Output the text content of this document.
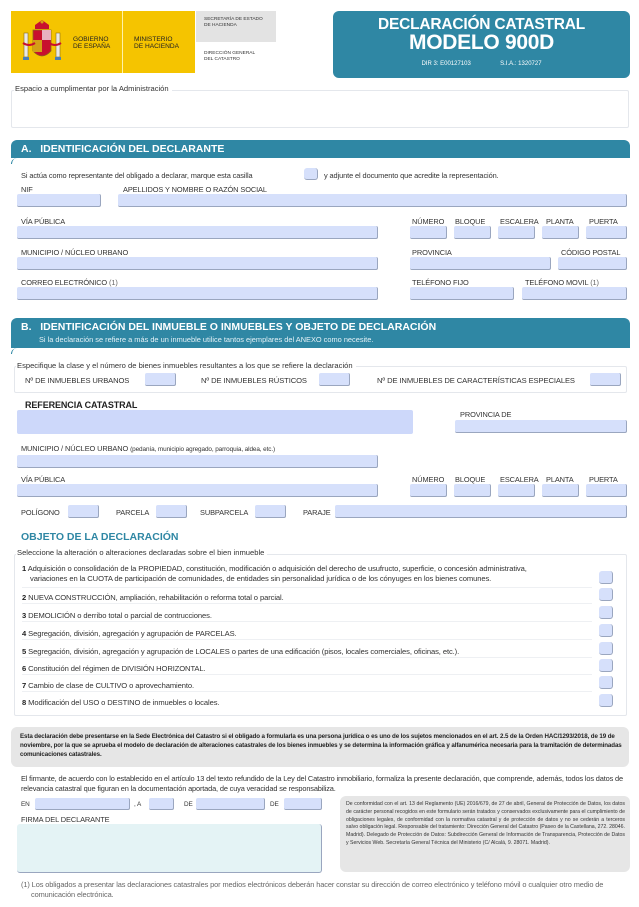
GOBIERNO
DE ESPAÑA
MINISTERIO
DE HACIENDA
SECRETARÍA DE ESTADO
DE HACIENDA
DIRECCIÓN GENERAL
DEL CATASTRO
DECLARACIÓN CATASTRAL
MODELO 900D
DIR 3: E00127103	S.I.A.: 1320727
Espacio a cumplimentar por la Administración
A.   IDENTIFICACIÓN DEL DECLARANTE
Si actúa como representante del obligado a declarar, marque esta casilla	y adjunte el documento que acredite la representación.
NIF	APELLIDOS Y NOMBRE O RAZÓN SOCIAL
VÍA PÚBLICA	NÚMERO BLOQUE ESCALERA PLANTA PUERTA
MUNICIPIO / NÚCLEO URBANO	PROVINCIA	CÓDIGO POSTAL
CORREO ELECTRÓNICO (1)	TELÉFONO FIJO	TELÉFONO MOVIL (1)
B.   IDENTIFICACIÓN DEL INMUEBLE O INMUEBLES Y OBJETO DE DECLARACIÓN
Si la declaración se refiere a más de un inmueble utilice tantos ejemplares del ANEXO como necesite.
Especifique la clase y el número de bienes inmuebles resultantes a los que se refiere la declaración
Nº DE INMUEBLES URBANOS	Nº DE INMUEBLES RÚSTICOS	Nº DE INMUEBLES DE CARACTERÍSTICAS ESPECIALES
REFERENCIA CATASTRAL
PROVINCIA DE
MUNICIPIO / NÚCLEO URBANO (pedanía, municipio agregado, parroquia, aldea, etc.)
VÍA PÚBLICA	NÚMERO BLOQUE ESCALERA PLANTA PUERTA
POLÍGONO	PARCELA	SUBPARCELA	PARAJE
OBJETO DE LA DECLARACIÓN
Seleccione la alteración o alteraciones declaradas sobre el bien inmueble
1 Adquisición o consolidación de la PROPIEDAD, constitución, modificación o adquisición del derecho de usufructo, superficie, o concesión administrativa,
variaciones en la CUOTA de participación de comunidades, de entidades sin personalidad jurídica o de los cónyuges en los bienes comunes.
2 NUEVA CONSTRUCCIÓN, ampliación, rehabilitación o reforma total o parcial.
3 DEMOLICIÓN o derribo total o parcial de contrucciones.
4 Segregación, división, agregación y agrupación de PARCELAS.
5 Segregación, división, agregación y agrupación de LOCALES o partes de una edificación (pisos, locales comerciales, oficinas, etc.).
6 Constitución del régimen de DIVISIÓN HORIZONTAL.
7 Cambio de clase de CULTIVO o aprovechamiento.
8 Modificación del USO o DESTINO de inmuebles o locales.
Esta declaración debe presentarse en la Sede Electrónica del Catastro si el obligado a formularla es una persona jurídica o es uno de los sujetos mencionados en el art. 2.5 de la Orden HAC/1293/2018, de 19 de noviembre, por la que se aprueba el modelo de declaración de alteraciones catastrales de los bienes inmuebles y se determina la información gráfica y alfanumérica necesaria para la tramitación de determinadas comunicaciones catastrales.
El firmante, de acuerdo con lo establecido en el artículo 13 del texto refundido de la Ley del Catastro inmobiliario, formaliza la presente declaración, que comprende, además, todos los datos de relevancia catastral que figuran en la documentación aportada, de cuya veracidad se responsabiliza.
EN	, A	DE	DE
FIRMA DEL DECLARANTE
De conformidad con el art. 13 del Reglamento (UE) 2016/679, de 27 de abril, General de Protección de Datos, los datos de carácter personal recogidos en este formulario serán tratados y conservados exclusivamente para el cumplimiento de obligaciones legales, de conformidad con la normativa catastral y de protección de datos y no se cederán a terceros salvo obligación legal. Responsable del tratamiento: Dirección General del Catastro (Paseo de la Castellana, 272. 28046. Madrid). Delegado de Protección de Datos: Subdirección General de Información de Transparencia, Protección de Datos y Servicios Web. Secretaría General Técnica del Ministerio (C/ Alcalá, 9. 28071. Madrid).
(1) Los obligados a presentar las declaraciones catastrales por medios electrónicos deberán hacer constar su dirección de correo electrónico y teléfono móvil o cualquier otro medio de comunicación electrónica.
